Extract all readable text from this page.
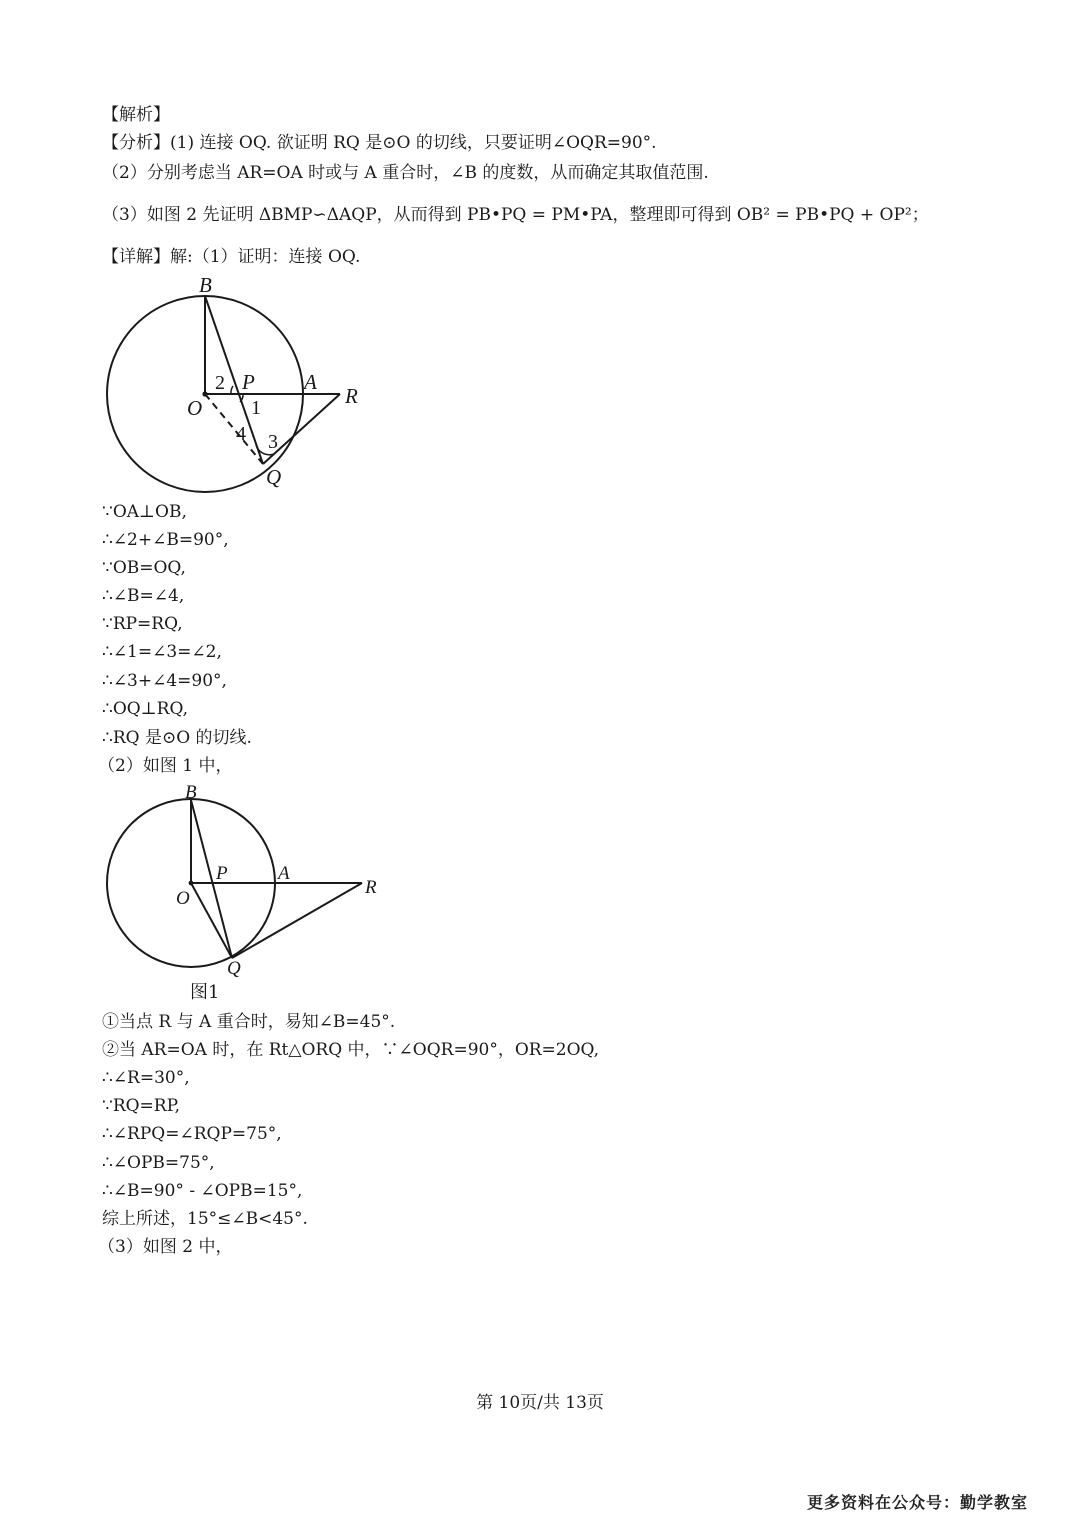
【解析】
【分析】(1) 连接 OQ. 欲证明 RQ 是⊙O 的切线，只要证明∠OQR=90°.
（2）分别考虑当 AR=OA 时或与 A 重合时，∠B 的度数，从而确定其取值范围.
（3）如图 2 先证明 ΔBMP∽ΔAQP，从而得到 PB•PQ = PM•PA，整理即可得到 OB² = PB•PQ + OP²；
【详解】解:（1）证明：连接 OQ.
B
2 P A
R
O 1
4 3
Q
∵OA⊥OB,
∴∠2+∠B=90°,
∵OB=OQ,
∴∠B=∠4,
∵RP=RQ,
∴∠1=∠3=∠2,
∴∠3+∠4=90°,
∴OQ⊥RQ,
∴RQ 是⊙O 的切线.
（2）如图 1 中，
B
P	A
R
O
Q
图1
①当点 R 与 A 重合时，易知∠B=45°.
②当 AR=OA 时，在 Rt△ORQ 中，∵∠OQR=90°，OR=2OQ,
∴∠R=30°,
∵RQ=RP,
∴∠RPQ=∠RQP=75°,
∴∠OPB=75°,
∴∠B=90° - ∠OPB=15°,
综上所述，15°≤∠B<45°.
（3）如图 2 中，
第 10页/共 13页
更多资料在公众号：勤学教室
